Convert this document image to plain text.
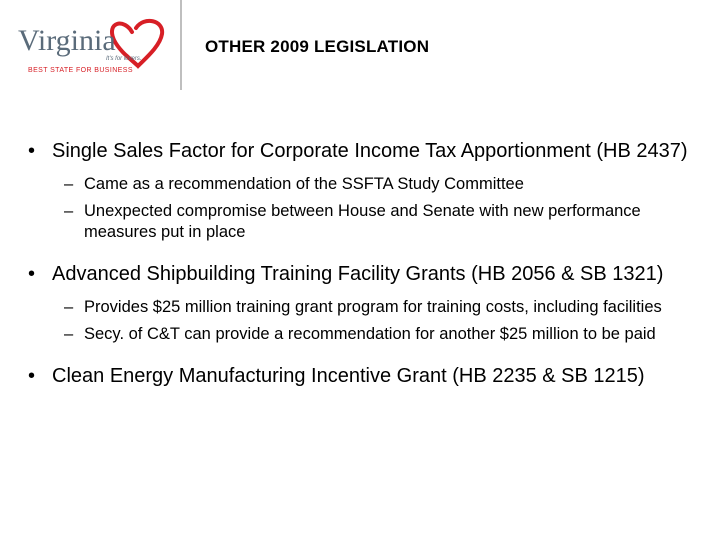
Virginia
It's for lovers.
BEST STATE FOR BUSINESS
OTHER 2009 LEGISLATION
• Single Sales Factor for Corporate Income Tax Apportionment (HB 2437)
– Came as a recommendation of the SSFTA Study Committee
– Unexpected compromise between House and Senate with new performance measures put in place
• Advanced Shipbuilding Training Facility Grants (HB 2056 & SB 1321)
– Provides $25 million training grant program for training costs, including facilities
– Secy. of C&T can provide a recommendation for another $25 million to be paid
• Clean Energy Manufacturing Incentive Grant (HB 2235 & SB 1215)
